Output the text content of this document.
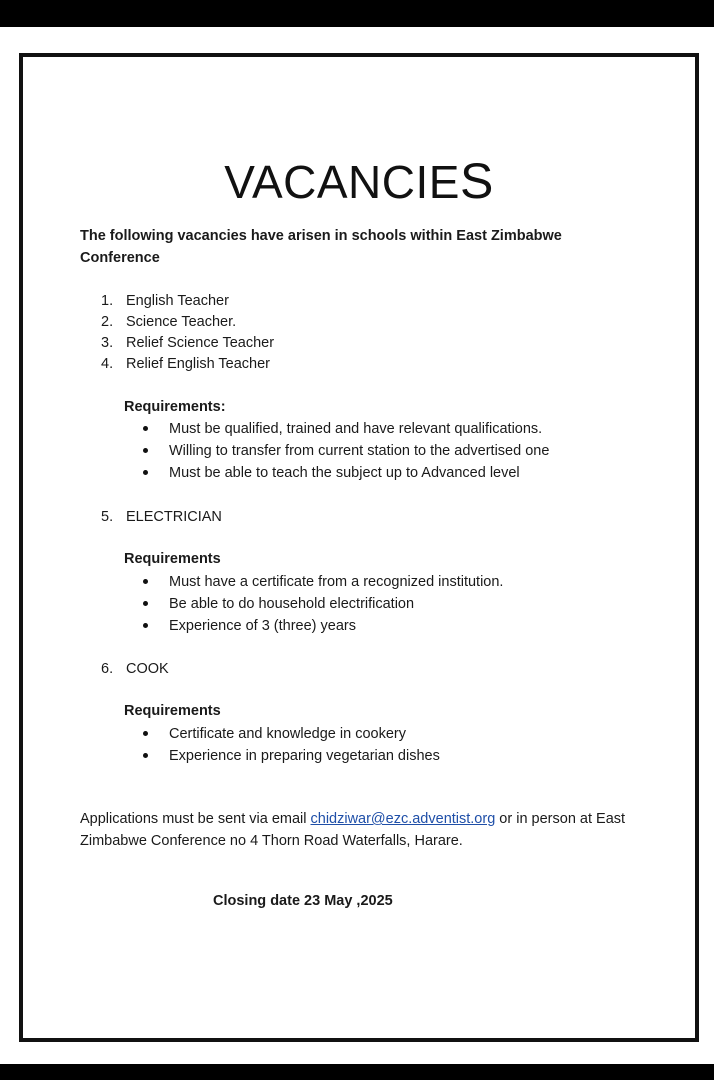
VACANCIES
The following vacancies have arisen in schools within East Zimbabwe Conference
1. English Teacher
2. Science Teacher.
3. Relief Science Teacher
4. Relief English Teacher
Requirements:
Must be qualified, trained and have relevant qualifications.
Willing to transfer from current station to the advertised one
Must be able to teach the subject up to Advanced level
5. ELECTRICIAN
Requirements
Must have a certificate from a recognized institution.
Be able to do household electrification
Experience of 3 (three) years
6. COOK
Requirements
Certificate and knowledge in cookery
Experience in preparing vegetarian dishes
Applications must be sent via email chidziwar@ezc.adventist.org or in person at East Zimbabwe Conference no 4 Thorn Road Waterfalls, Harare.
Closing date 23 May ,2025
